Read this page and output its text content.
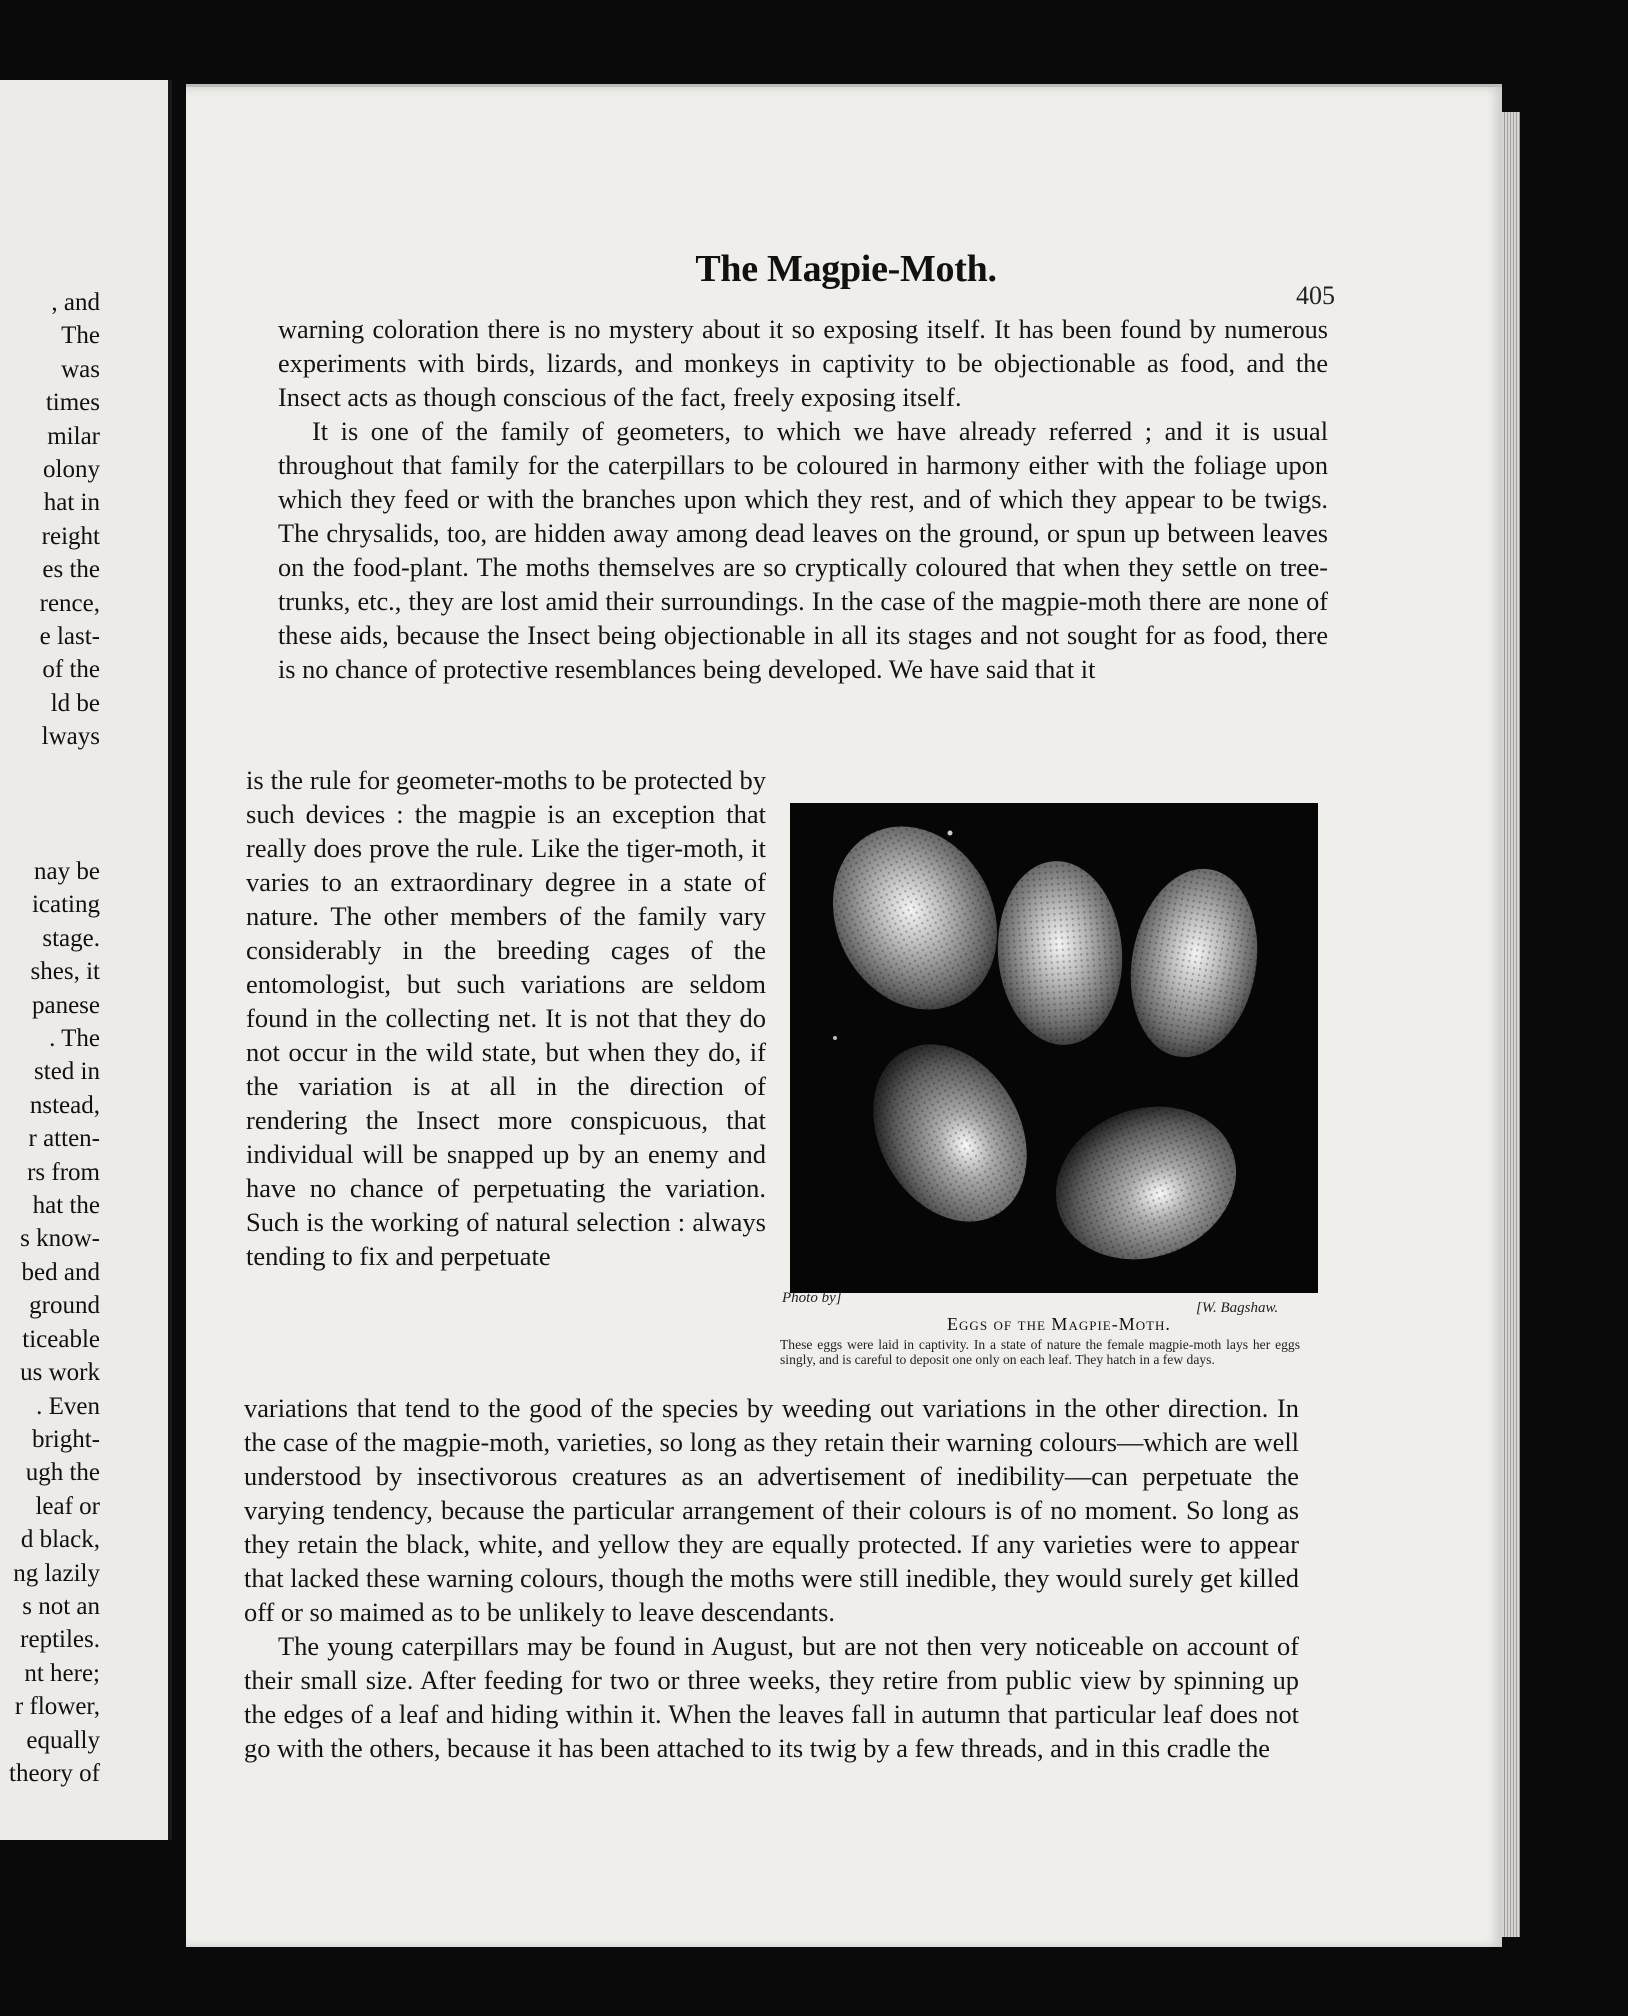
, and
The
was
times
milar
olony
hat in
reight
es the
rence,
e last-
of the
ld be
lways
nay be
icating
stage.
shes, it
panese
. The
sted in
nstead,
r atten-
rs from
hat the
s know-
bed and
ground
ticeable
us work
. Even
bright-
ugh the
leaf or
d black,
ng lazily
s not an
reptiles.
nt here;
r flower,
equally
theory of
The Magpie-Moth.
405

warning coloration there is no mystery about it so exposing itself. It has been found by numerous experiments with birds, lizards, and monkeys in captivity to be objectionable as food, and the Insect acts as though conscious of the fact, freely exposing itself.

It is one of the family of geometers, to which we have already referred ; and it is usual throughout that family for the caterpillars to be coloured in harmony either with the foliage upon which they feed or with the branches upon which they rest, and of which they appear to be twigs. The chrysalids, too, are hidden away among dead leaves on the ground, or spun up between leaves on the food-plant. The moths themselves are so cryptically coloured that when they settle on tree-trunks, etc., they are lost amid their surroundings. In the case of the magpie-moth there are none of these aids, because the Insect being objectionable in all its stages and not sought for as food, there is no chance of protective resemblances being developed. We have said that it

is the rule for geometer-moths to be protected by such devices : the magpie is an exception that really does prove the rule. Like the tiger-moth, it varies to an extraordinary degree in a state of nature. The other members of the family vary considerably in the breeding cages of the entomologist, but such variations are seldom found in the collecting net. It is not that they do not occur in the wild state, but when they do, if the variation is at all in the direction of rendering the Insect more conspicuous, that individual will be snapped up by an enemy and have no chance of perpetuating the variation. Such is the working of natural selection : always tending to fix and perpetuate

Photo by]
[W. Bagshaw.
Eggs of the Magpie-Moth.
These eggs were laid in captivity. In a state of nature the female magpie-moth lays her eggs singly, and is careful to deposit one only on each leaf. They hatch in a few days.

variations that tend to the good of the species by weeding out variations in the other direction. In the case of the magpie-moth, varieties, so long as they retain their warning colours—which are well understood by insectivorous creatures as an advertisement of inedibility—can perpetuate the varying tendency, because the particular arrangement of their colours is of no moment. So long as they retain the black, white, and yellow they are equally protected. If any varieties were to appear that lacked these warning colours, though the moths were still inedible, they would surely get killed off or so maimed as to be unlikely to leave descendants.

The young caterpillars may be found in August, but are not then very noticeable on account of their small size. After feeding for two or three weeks, they retire from public view by spinning up the edges of a leaf and hiding within it. When the leaves fall in autumn that particular leaf does not go with the others, because it has been attached to its twig by a few threads, and in this cradle the
